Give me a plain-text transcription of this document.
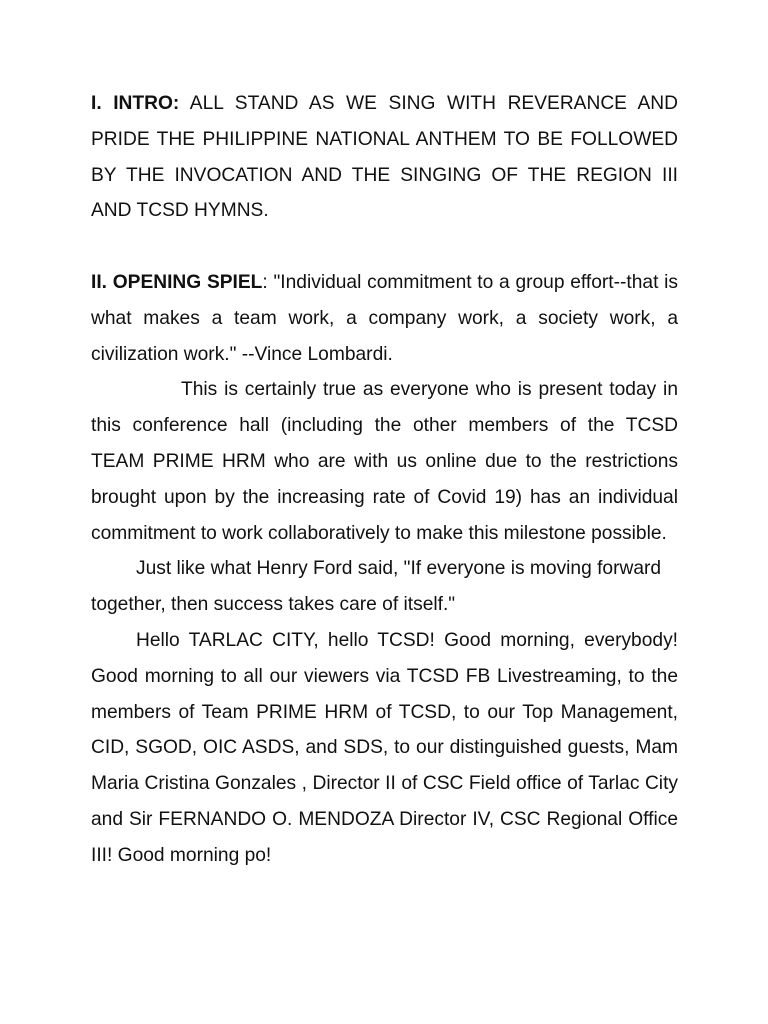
I. INTRO: ALL STAND AS WE SING WITH REVERANCE AND PRIDE THE PHILIPPINE NATIONAL ANTHEM TO BE FOLLOWED BY THE INVOCATION AND THE SINGING OF THE REGION III AND TCSD HYMNS.

II. OPENING SPIEL: "Individual commitment to a group effort--that is what makes a team work, a company work, a society work, a civilization work." --Vince Lombardi.

This is certainly true as everyone who is present today in this conference hall (including the other members of the TCSD TEAM PRIME HRM who are with us online due to the restrictions brought upon by the increasing rate of Covid 19) has an individual commitment to work collaboratively to make this milestone possible.

Just like what Henry Ford said, "If everyone is moving forward together, then success takes care of itself."

Hello TARLAC CITY, hello TCSD! Good morning, everybody! Good morning to all our viewers via TCSD FB Livestreaming, to the members of Team PRIME HRM of TCSD, to our Top Management, CID, SGOD, OIC ASDS, and SDS, to our distinguished guests, Mam Maria Cristina Gonzales , Director II of CSC Field office of Tarlac City and Sir FERNANDO O. MENDOZA Director IV, CSC Regional Office III! Good morning po!
